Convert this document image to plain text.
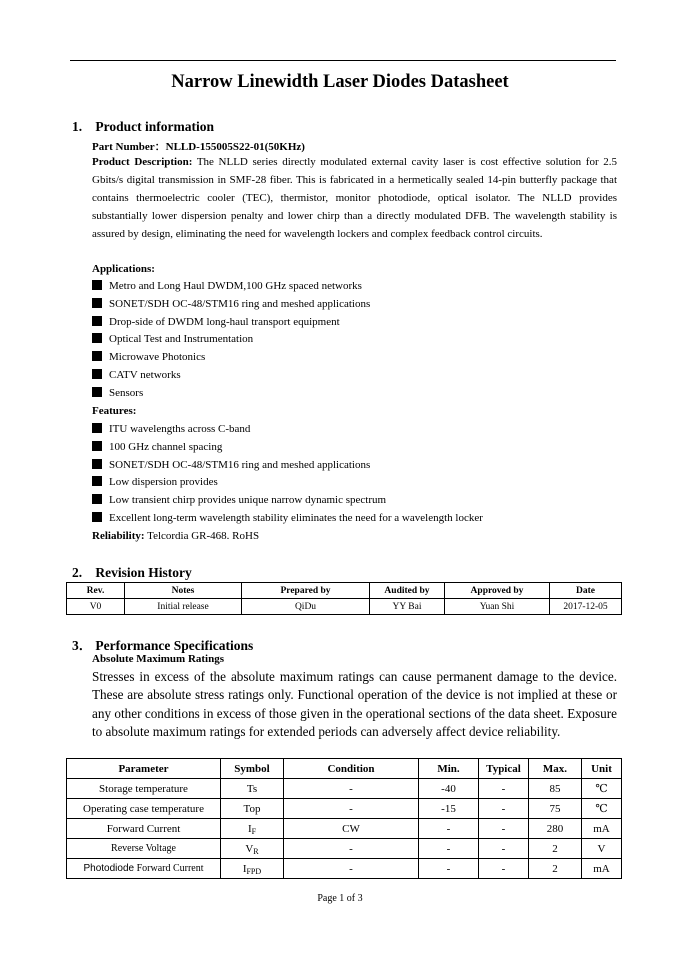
Narrow Linewidth Laser Diodes Datasheet
1. Product information
Part Number：NLLD-155005S22-01(50KHz)
Product Description: The NLLD series directly modulated external cavity laser is cost effective solution for 2.5 Gbits/s digital transmission in SMF-28 fiber. This is fabricated in a hermetically sealed 14-pin butterfly package that contains thermoelectric cooler (TEC), thermistor, monitor photodiode, optical isolator. The NLLD provides substantially lower dispersion penalty and lower chirp than a directly modulated DFB. The wavelength stability is assured by design, eliminating the need for wavelength lockers and complex feedback control circuits.
Applications:
Metro and Long Haul DWDM,100 GHz spaced networks
SONET/SDH OC-48/STM16 ring and meshed applications
Drop-side of DWDM long-haul transport equipment
Optical Test and Instrumentation
Microwave Photonics
CATV networks
Sensors
Features:
ITU wavelengths across C-band
100 GHz channel spacing
SONET/SDH OC-48/STM16 ring and meshed applications
Low dispersion provides
Low transient chirp provides unique narrow dynamic spectrum
Excellent long-term wavelength stability eliminates the need for a wavelength locker
Reliability: Telcordia GR-468. RoHS
2. Revision History
Rev.	Notes	Prepared by	Audited by	Approved by	Date
V0	Initial release	QiDu	YY Bai	Yuan Shi	2017-12-05
3． Performance Specifications
Absolute Maximum Ratings
Stresses in excess of the absolute maximum ratings can cause permanent damage to the device. These are absolute stress ratings only. Functional operation of the device is not implied at these or any other conditions in excess of those given in the operational sections of the data sheet. Exposure to absolute maximum ratings for extended periods can adversely affect device reliability.
Parameter	Symbol	Condition	Min.	Typical	Max.	Unit
Storage temperature	Ts	-	-40	-	85	℃
Operating case temperature	Top	-	-15	-	75	℃
Forward Current	$I_F$	CW	-	-	280	mA
Reverse Voltage	$V_R$	-	-	-	2	V
Photodiode Forward Current	$I_{FPD}$	-	-	-	2	mA
Page 1 of 3
